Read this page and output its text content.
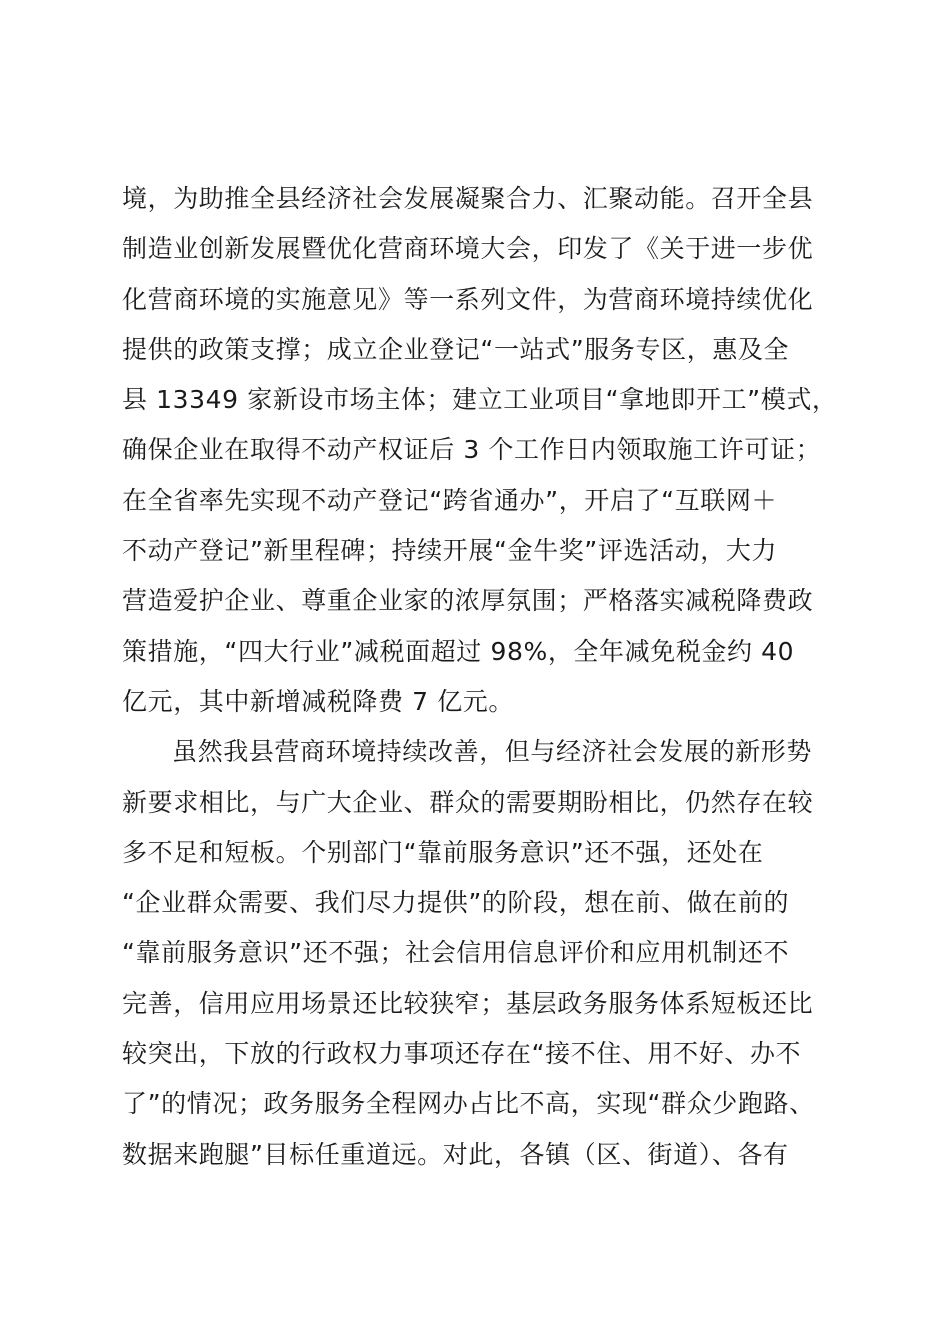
境，为助推全县经济社会发展凝聚合力、汇聚动能。召开全县
制造业创新发展暨优化营商环境大会，印发了《关于进一步优
化营商环境的实施意见》等一系列文件，为营商环境持续优化
提供的政策支撑；成立企业登记“一站式”服务专区，惠及全
县 13349 家新设市场主体；建立工业项目“拿地即开工”模式，
确保企业在取得不动产权证后 3 个工作日内领取施工许可证；
在全省率先实现不动产登记“跨省通办”，开启了“互联网＋
不动产登记”新里程碑；持续开展“金牛奖”评选活动，大力
营造爱护企业、尊重企业家的浓厚氛围；严格落实减税降费政
策措施，“四大行业”减税面超过 98%，全年减免税金约 40
亿元，其中新增减税降费 7 亿元。
虽然我县营商环境持续改善，但与经济社会发展的新形势
新要求相比，与广大企业、群众的需要期盼相比，仍然存在较
多不足和短板。个别部门“靠前服务意识”还不强，还处在
“企业群众需要、我们尽力提供”的阶段，想在前、做在前的
“靠前服务意识”还不强；社会信用信息评价和应用机制还不
完善，信用应用场景还比较狭窄；基层政务服务体系短板还比
较突出，下放的行政权力事项还存在“接不住、用不好、办不
了”的情况；政务服务全程网办占比不高，实现“群众少跑路、
数据来跑腿”目标任重道远。对此，各镇（区、街道）、各有
